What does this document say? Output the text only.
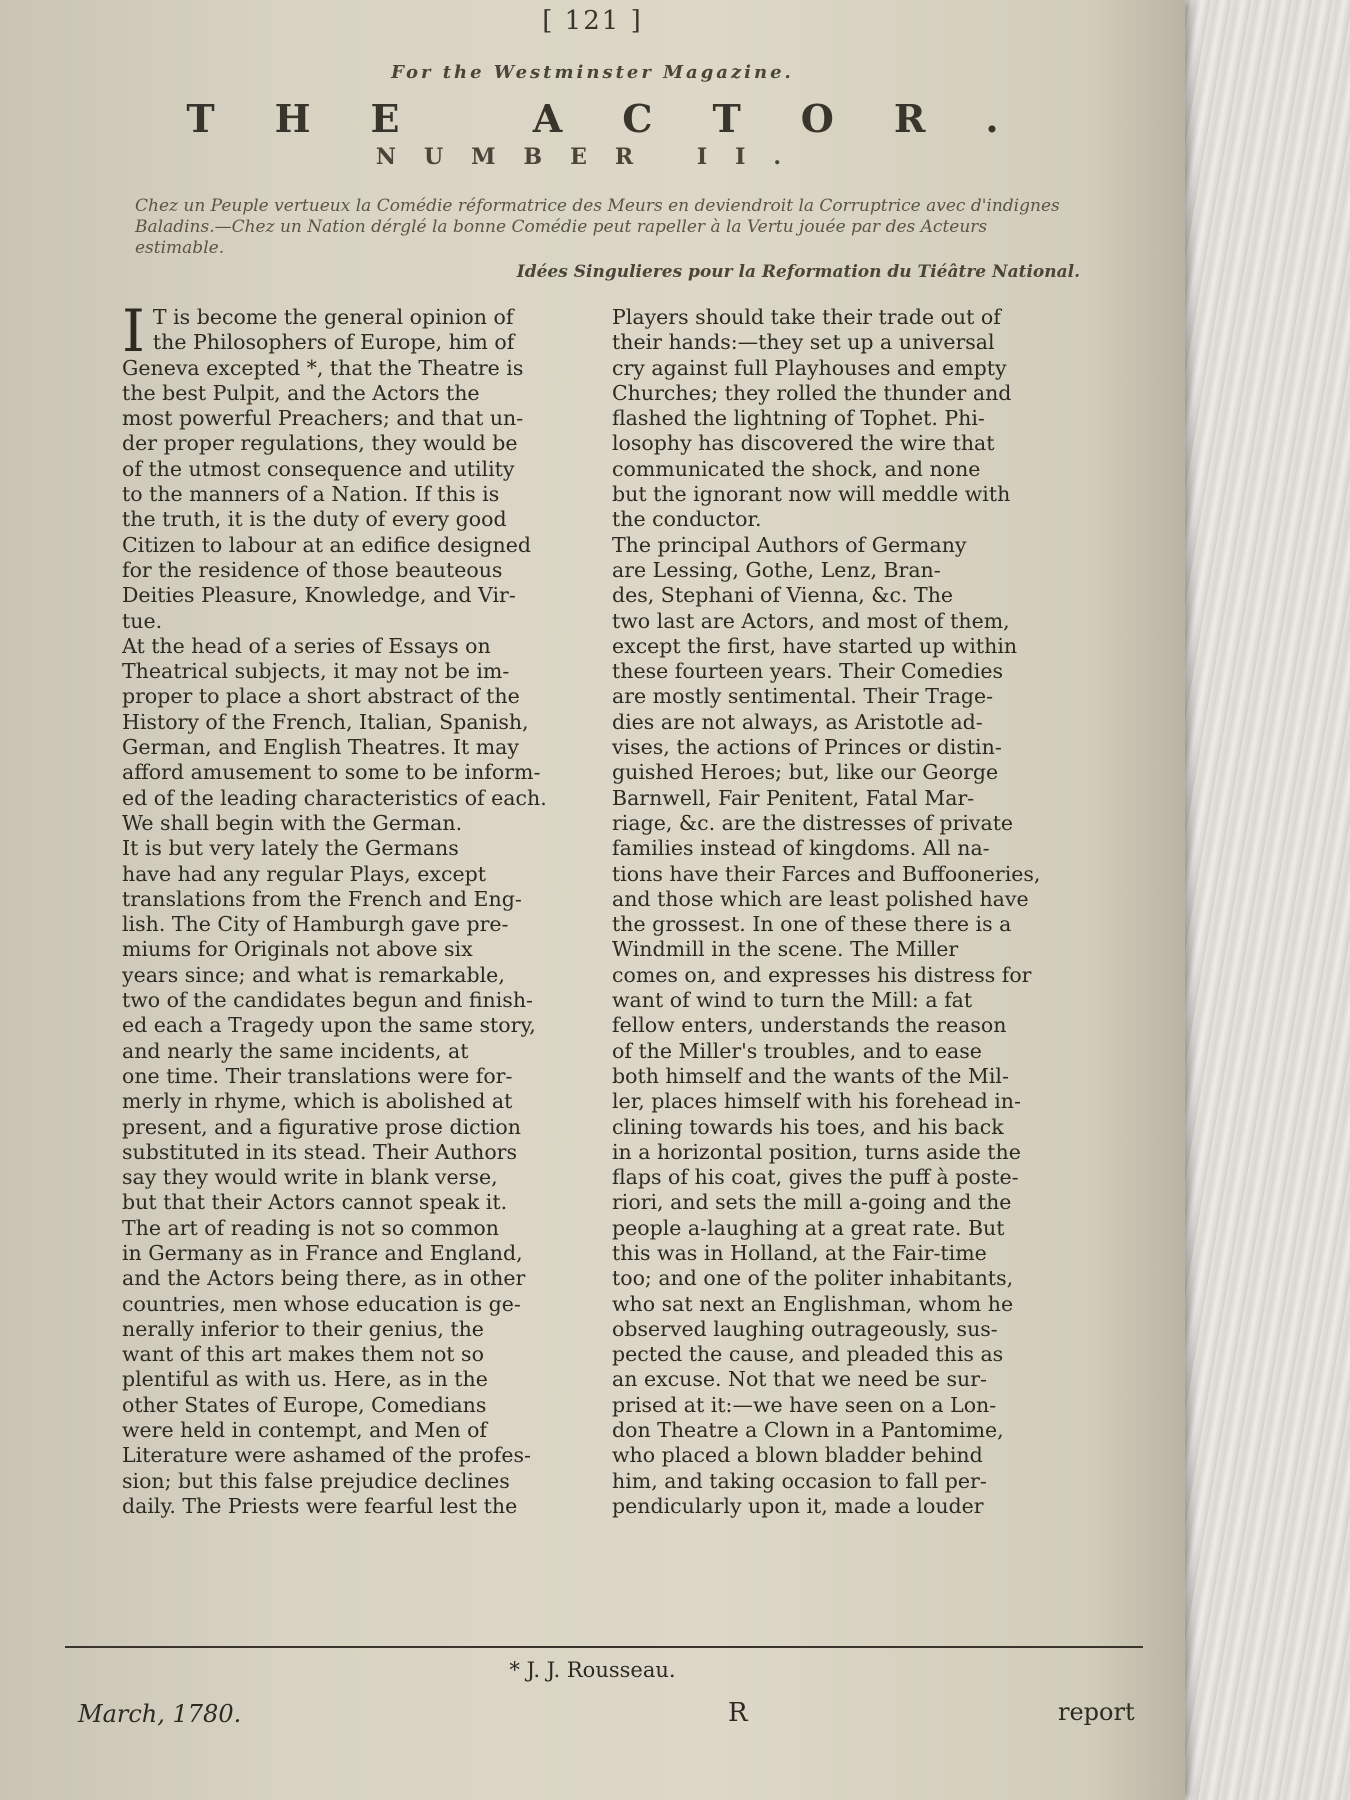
[ 121 ]
For the Westminster Magazine.
THE ACTOR.
NUMBER II.
Chez un Peuple vertueux la Comédie réformatrice des Meurs en deviendroit la Corruptrice avec d'indignes Baladins.—Chez un Nation dérglé la bonne Comédie peut rapeller à la Vertu jouée par des Acteurs estimable.
Idées Singulieres pour la Reformation du Tiéâtre National.
I T is become the general opinion of
the Philosophers of Europe, him of
Geneva excepted *, that the Theatre is
the best Pulpit, and the Actors the
most powerful Preachers; and that un-
der proper regulations, they would be
of the utmost consequence and utility
to the manners of a Nation. If this is
the truth, it is the duty of every good
Citizen to labour at an edifice designed
for the residence of those beauteous
Deities Pleasure, Knowledge, and Vir-
tue.
At the head of a series of Essays on
Theatrical subjects, it may not be im-
proper to place a short abstract of the
History of the French, Italian, Spanish,
German, and English Theatres. It may
afford amusement to some to be inform-
ed of the leading characteristics of each.
We shall begin with the German.
It is but very lately the Germans
have had any regular Plays, except
translations from the French and Eng-
lish. The City of Hamburgh gave pre-
miums for Originals not above six
years since; and what is remarkable,
two of the candidates begun and finish-
ed each a Tragedy upon the same story,
and nearly the same incidents, at
one time. Their translations were for-
merly in rhyme, which is abolished at
present, and a figurative prose diction
substituted in its stead. Their Authors
say they would write in blank verse,
but that their Actors cannot speak it.
The art of reading is not so common
in Germany as in France and England,
and the Actors being there, as in other
countries, men whose education is ge-
nerally inferior to their genius, the
want of this art makes them not so
plentiful as with us. Here, as in the
other States of Europe, Comedians
were held in contempt, and Men of
Literature were ashamed of the profes-
sion; but this false prejudice declines
daily. The Priests were fearful lest the
Players should take their trade out of
their hands:—they set up a universal
cry against full Playhouses and empty
Churches; they rolled the thunder and
flashed the lightning of Tophet. Phi-
losophy has discovered the wire that
communicated the shock, and none
but the ignorant now will meddle with
the conductor.
The principal Authors of Germany
are Lessing, Gothe, Lenz, Bran-
des, Stephani of Vienna, &c. The
two last are Actors, and most of them,
except the first, have started up within
these fourteen years. Their Comedies
are mostly sentimental. Their Trage-
dies are not always, as Aristotle ad-
vises, the actions of Princes or distin-
guished Heroes; but, like our George
Barnwell, Fair Penitent, Fatal Mar-
riage, &c. are the distresses of private
families instead of kingdoms. All na-
tions have their Farces and Buffooneries,
and those which are least polished have
the grossest. In one of these there is a
Windmill in the scene. The Miller
comes on, and expresses his distress for
want of wind to turn the Mill: a fat
fellow enters, understands the reason
of the Miller's troubles, and to ease
both himself and the wants of the Mil-
ler, places himself with his forehead in-
clining towards his toes, and his back
in a horizontal position, turns aside the
flaps of his coat, gives the puff à poste-
riori, and sets the mill a-going and the
people a-laughing at a great rate. But
this was in Holland, at the Fair-time
too; and one of the politer inhabitants,
who sat next an Englishman, whom he
observed laughing outrageously, sus-
pected the cause, and pleaded this as
an excuse. Not that we need be sur-
prised at it:—we have seen on a Lon-
don Theatre a Clown in a Pantomime,
who placed a blown bladder behind
him, and taking occasion to fall per-
pendicularly upon it, made a louder
* J. J. Rousseau.
March, 1780.	R	report
